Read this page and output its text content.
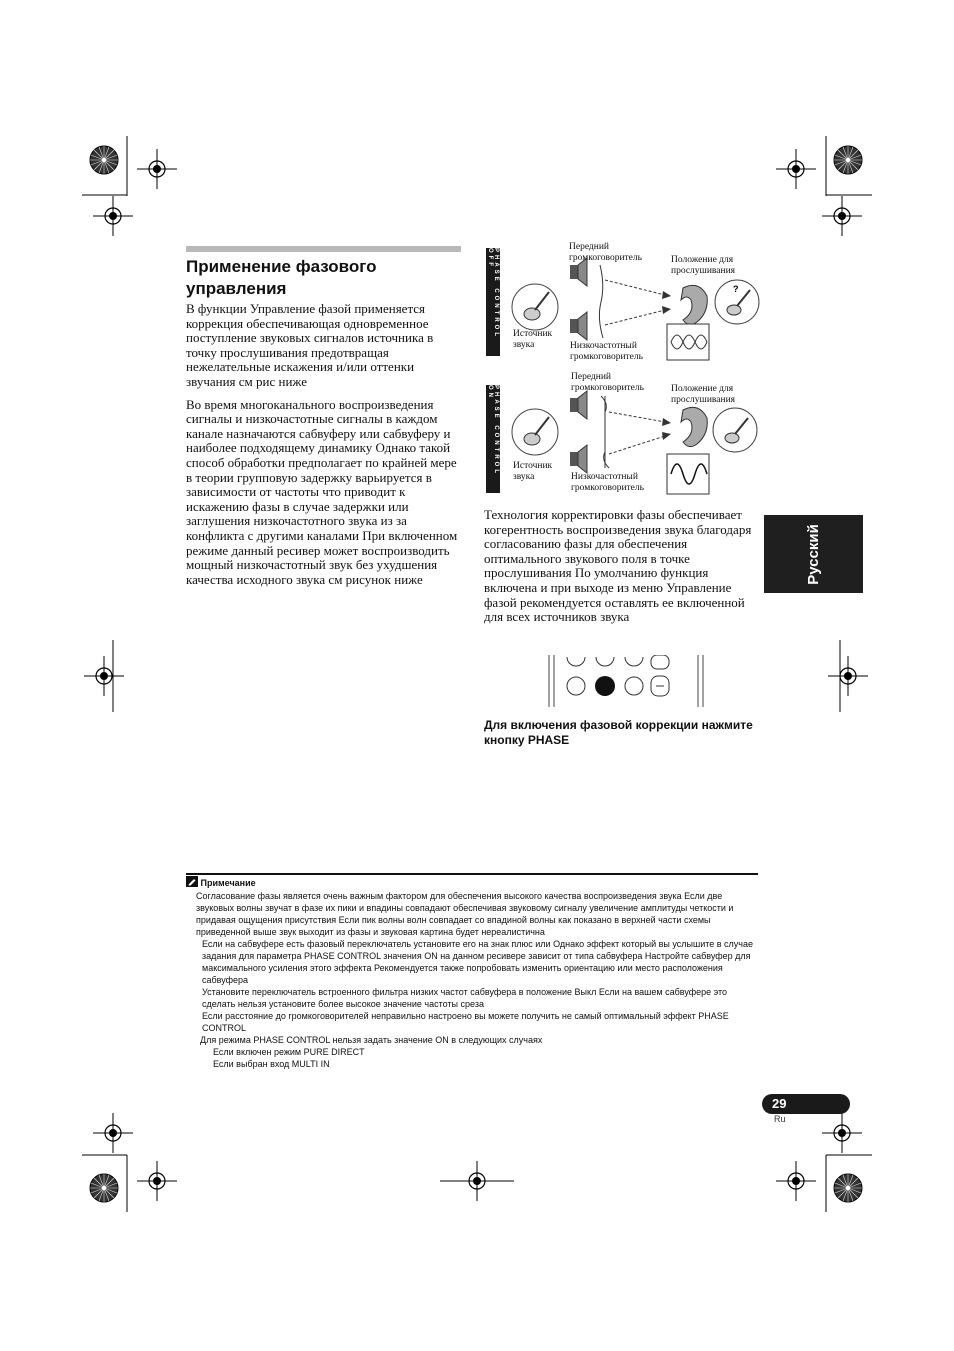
Применение фазового управления

В функции Управление фазой применяется коррекция обеспечивающая одновременное поступление звуковых сигналов источника в точку прослушивания предотвращая нежелательные искажения и/или оттенки звучания см рис ниже

Во время многоканального воспроизведения сигналы и низкочастотные сигналы в каждом канале назначаются сабвуферу или сабвуферу и наиболее подходящему динамику Однако такой способ обработки предполагает по крайней мере в теории групповую задержку варьируется в зависимости от частоты что приводит к искажению фазы в случае задержки или заглушения низкочастотного звука из за конфликта с другими каналами При включенном режиме данный ресивер может воспроизводить мощный низкочастотный звук без ухудшения качества исходного звука см рисунок ниже

PHASE CONTROL OFF
?
Передний громкоговоритель	Положение для прослушивания
Источник звука	Низкочастотный громкоговоритель
PHASE CONTROL ON
Передний громкоговоритель	Положение для прослушивания
Источник звука	Низкочастотный громкоговоритель

Технология корректировки фазы обеспечивает когерентность воспроизведения звука благодаря согласованию фазы для обеспечения оптимального звукового поля в точке прослушивания По умолчанию функция включена и при выходе из меню Управление фазой рекомендуется оставлять ее включенной для всех источников звука

Русский
Для включения фазовой коррекции нажмите кнопку PHASE

Примечание

Согласование фазы является очень важным фактором для обеспечения высокого качества воспроизведения звука Если две звуковых волны звучат в фазе их пики и впадины совпадают обеспечивая звуковому сигналу увеличение амплитуды четкости и придавая ощущения присутствия Если пик волны волн совпадает со впадиной волны как показано в верхней части схемы приведенной выше звук выходит из фазы и звуковая картина будет нереалистична

Если на сабвуфере есть фазовый переключатель установите его на знак плюс или Однако эффект который вы услышите в случае задания для параметра PHASE CONTROL значения ON на данном ресивере зависит от типа сабвуфера Настройте сабвуфер для максимального усиления этого эффекта Рекомендуется также попробовать изменить ориентацию или место расположения сабвуфера

Установите переключатель встроенного фильтра низких частот сабвуфера в положение Выкл Если на вашем сабвуфере это сделать нельзя установите более высокое значение частоты среза

Если расстояние до громкоговорителей неправильно настроено вы можете получить не самый оптимальный эффект PHASE CONTROL

Для режима PHASE CONTROL нельзя задать значение ON в следующих случаях

Если включен режим PURE DIRECT

Если выбран вход MULTI IN

29
Ru
